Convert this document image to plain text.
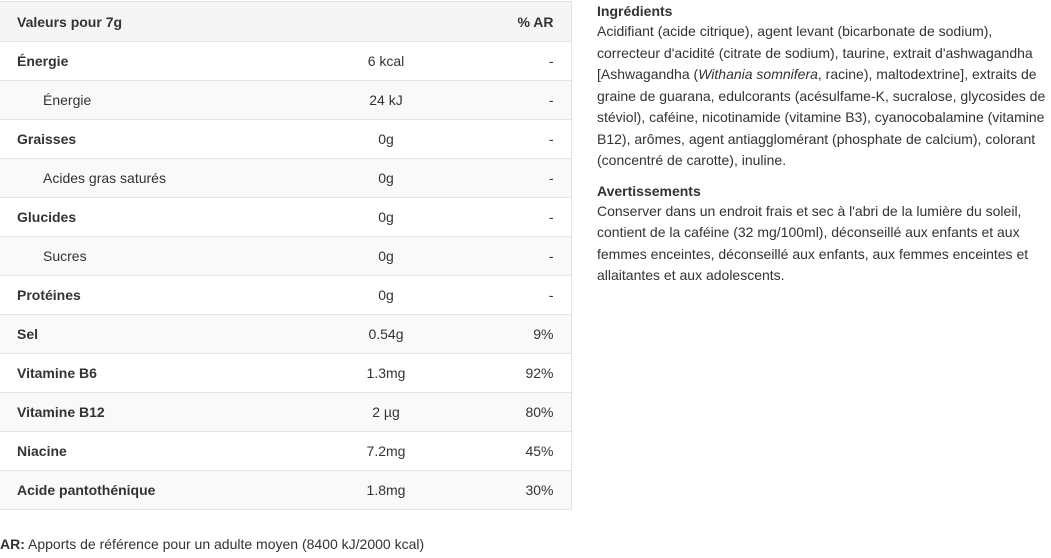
Valeurs pour 7g		% AR
Énergie	6 kcal	-
Énergie	24 kJ	-
Graisses	0g	-
Acides gras saturés	0g	-
Glucides	0g	-
Sucres	0g	-
Protéines	0g	-
Sel	0.54g	9%
Vitamine B6	1.3mg	92%
Vitamine B12	2 µg	80%
Niacine	7.2mg	45%
Acide pantothénique	1.8mg	30%
AR: Apports de référence pour un adulte moyen (8400 kJ/2000 kcal)
Ingrédients

Acidifiant (acide citrique), agent levant (bicarbonate de sodium), correcteur d'acidité (citrate de sodium), taurine, extrait d'ashwagandha [Ashwagandha (Withania somnifera, racine), maltodextrine], extraits de graine de guarana, edulcorants (acésulfame-K, sucralose, glycosides de stéviol), caféine, nicotinamide (vitamine B3), cyanocobalamine (vitamine B12), arômes, agent antiagglomérant (phosphate de calcium), colorant (concentré de carotte), inuline.

Avertissements

Conserver dans un endroit frais et sec à l'abri de la lumière du soleil, contient de la caféine (32 mg/100ml), déconseillé aux enfants et aux femmes enceintes, déconseillé aux enfants, aux femmes enceintes et allaitantes et aux adolescents.
